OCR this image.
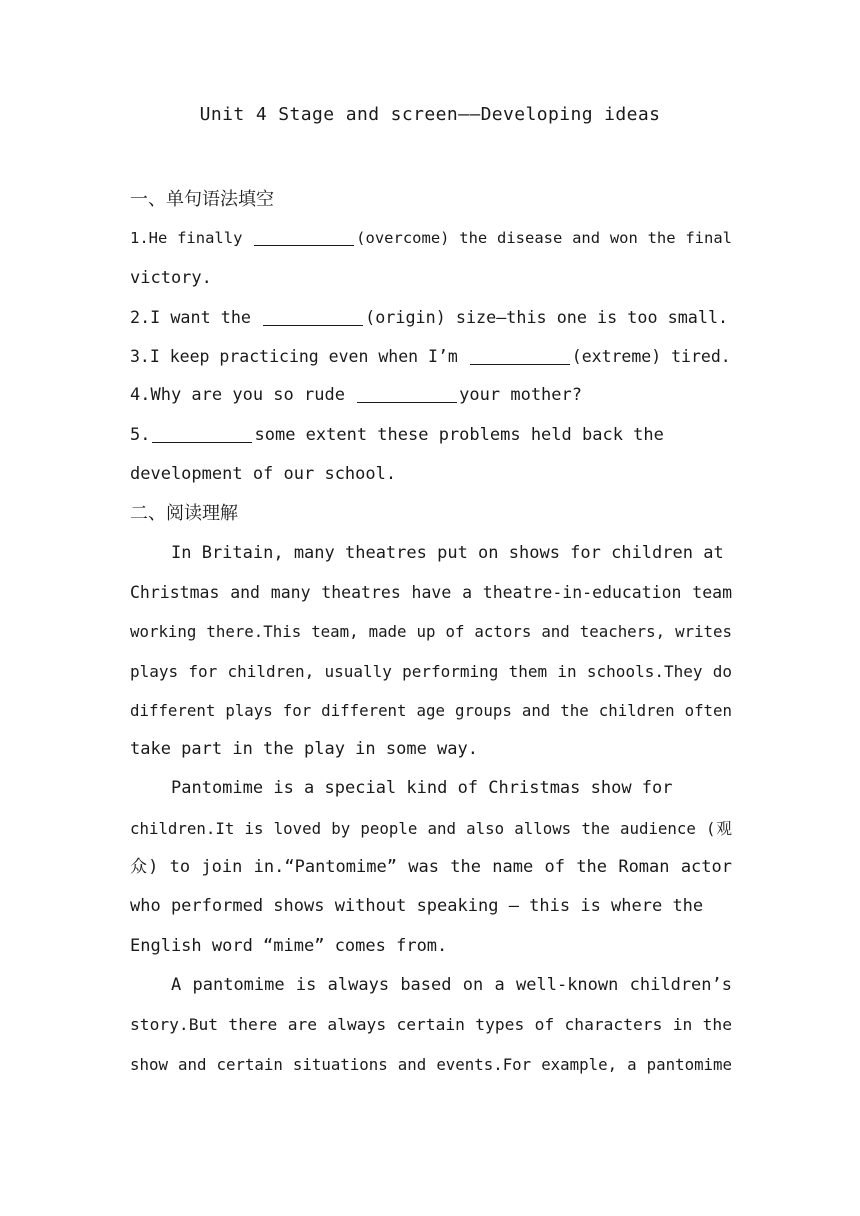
Unit 4 Stage and screen——Developing ideas
一、单句语法填空
1.He finally	(overcome) the disease and won the final
victory.
2.I want the	(origin) size—this one is too small.
3.I keep practicing even when I’m	(extreme) tired.
4.Why are you so rude	your mother?
5.	some extent these problems held back the
development of our school.
二、阅读理解
In Britain, many theatres put on shows for children at
Christmas and many theatres have a theatre-in-education team
working there.This team, made up of actors and teachers, writes
plays for children, usually performing them in schools.They do
different plays for different age groups and the children often
take part in the play in some way.
Pantomime is a special kind of Christmas show for
children.It is loved by people and also allows the audience (观
众) to join in.“Pantomime” was the name of the Roman actor
who performed shows without speaking — this is where the
English word “mime” comes from.
A pantomime is always based on a well-known children’s
story.But there are always certain types of characters in the
show and certain situations and events.For example, a pantomime
